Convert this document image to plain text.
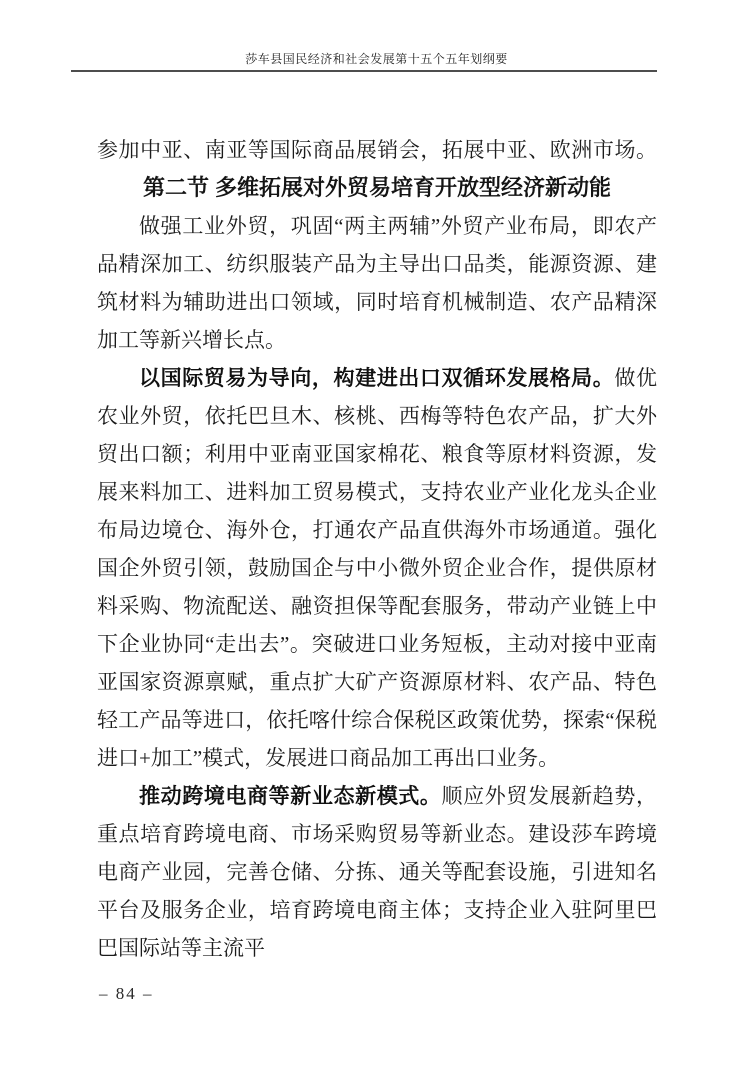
莎车县国民经济和社会发展第十五个五年划纲要

参加中亚、南亚等国际商品展销会，拓展中亚、欧洲市场。

第二节 多维拓展对外贸易培育开放型经济新动能

做强工业外贸，巩固“两主两辅”外贸产业布局，即农产品精深加工、纺织服装产品为主导出口品类，能源资源、建筑材料为辅助进出口领域，同时培育机械制造、农产品精深加工等新兴增长点。

以国际贸易为导向，构建进出口双循环发展格局。做优农业外贸，依托巴旦木、核桃、西梅等特色农产品，扩大外贸出口额；利用中亚南亚国家棉花、粮食等原材料资源，发展来料加工、进料加工贸易模式，支持农业产业化龙头企业布局边境仓、海外仓，打通农产品直供海外市场通道。强化国企外贸引领，鼓励国企与中小微外贸企业合作，提供原材料采购、物流配送、融资担保等配套服务，带动产业链上中下企业协同“走出去”。突破进口业务短板，主动对接中亚南亚国家资源禀赋，重点扩大矿产资源原材料、农产品、特色轻工产品等进口，依托喀什综合保税区政策优势，探索“保税进口+加工”模式，发展进口商品加工再出口业务。

推动跨境电商等新业态新模式。顺应外贸发展新趋势，重点培育跨境电商、市场采购贸易等新业态。建设莎车跨境电商产业园，完善仓储、分拣、通关等配套设施，引进知名平台及服务企业，培育跨境电商主体；支持企业入驻阿里巴巴国际站等主流平

– 84 –
